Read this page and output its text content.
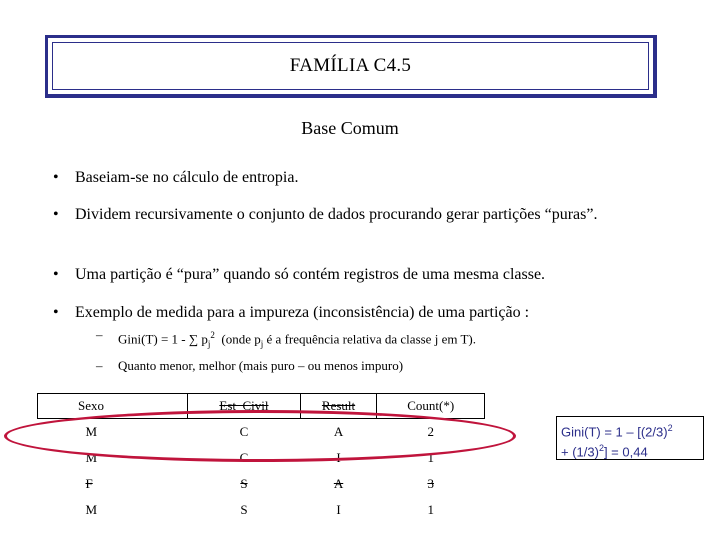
FAMÍLIA C4.5
Base Comum
• Baseiam-se no cálculo de entropia.
• Dividem recursivamente o conjunto de dados procurando gerar partições “puras”.
• Uma partição é “pura” quando só contém registros de uma mesma classe.
• Exemplo de medida para a impureza (inconsistência) de uma partição :
– Gini(T) = 1 - ∑ $p_j^2$ (onde $p_j$ é a frequência relativa da classe j em T).
– Quanto menor, melhor (mais puro – ou menos impuro)
Sexo	Est_Civil	Result	Count(*)
M	C	A	2
M	C	I	1
F	S	A	3
M	S	I	1
Gini(T) = $1 - [(2/3)^2$
+ $(1/3)^2] = 0,44$
